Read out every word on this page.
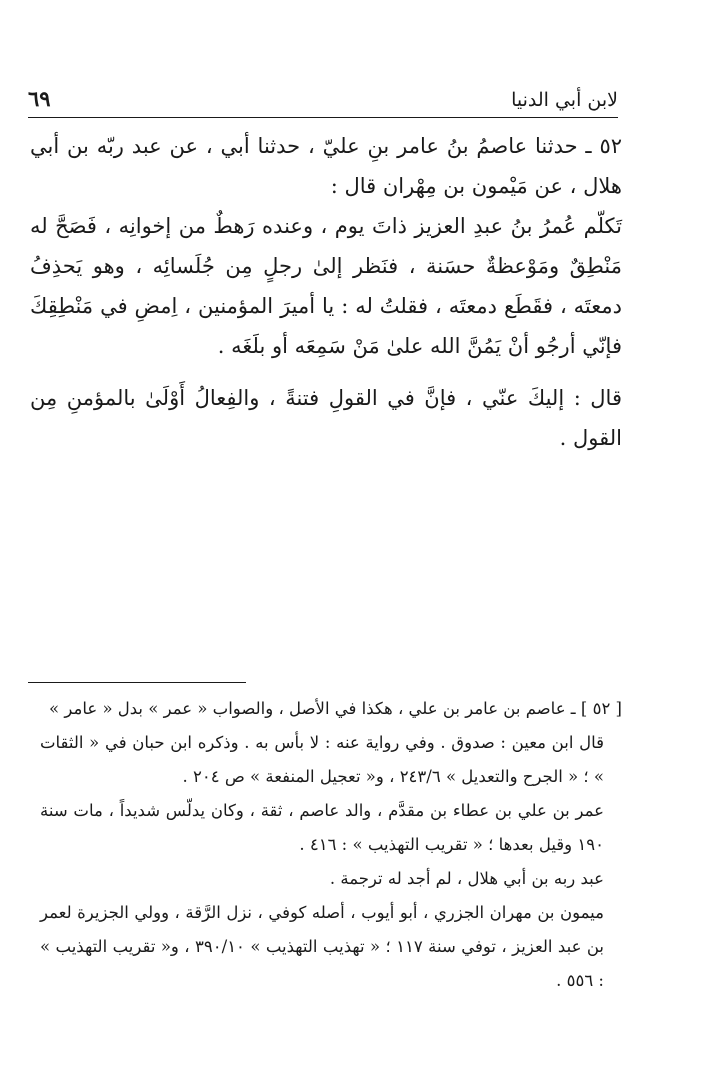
٦٩	لابن أبي الدنيا

٥٢ ـ حدثنا عاصمُ بنُ عامر بنِ عليّ ، حدثنا أبي ، عن عبد ربّه بن أبي هلال ، عن مَيْمون بن مِهْران قال :

تَكلّم عُمرُ بنُ عبدِ العزيز ذاتَ يوم ، وعنده رَهطٌ من إخوانِه ، فَصَحَّ له مَنْطِقٌ ومَوْعظةٌ حسَنة ، فنَظر إلىٰ رجلٍ مِن جُلَسائِه ، وهو يَحذِفُ دمعتَه ، فقَطَع دمعتَه ، فقلتُ له : يا أميرَ المؤمنين ، اِمضِ في مَنْطِقِكَ فإنّي أرجُو أنْ يَمُنَّ الله علىٰ مَنْ سَمِعَه أو بلَغَه .

قال : إليكَ عنّي ، فإنَّ في القولِ فتنةً ، والفِعالُ أَوْلَىٰ بالمؤمنِ مِن القول .

[ ٥٢ ] ـ عاصم بن عامر بن علي ، هكذا في الأصل ، والصواب « عمر » بدل « عامر »

قال ابن معين : صدوق . وفي رواية عنه : لا بأس به . وذكره ابن حبان في « الثقات » ؛ « الجرح والتعديل » ٢٤٣/٦ ، و« تعجيل المنفعة » ص ٢٠٤ .

عمر بن علي بن عطاء بن مقدَّم ، والد عاصم ، ثقة ، وكان يدلّس شديداً ، مات سنة ١٩٠ وقيل بعدها ؛ « تقريب التهذيب » : ٤١٦ .

عبد ربه بن أبي هلال ، لم أجد له ترجمة .

ميمون بن مهران الجزري ، أبو أيوب ، أصله كوفي ، نزل الرَّقة ، وولي الجزيرة لعمر بن عبد العزيز ، توفي سنة ١١٧ ؛ « تهذيب التهذيب » ٣٩٠/١٠ ، و« تقريب التهذيب » : ٥٥٦ .
